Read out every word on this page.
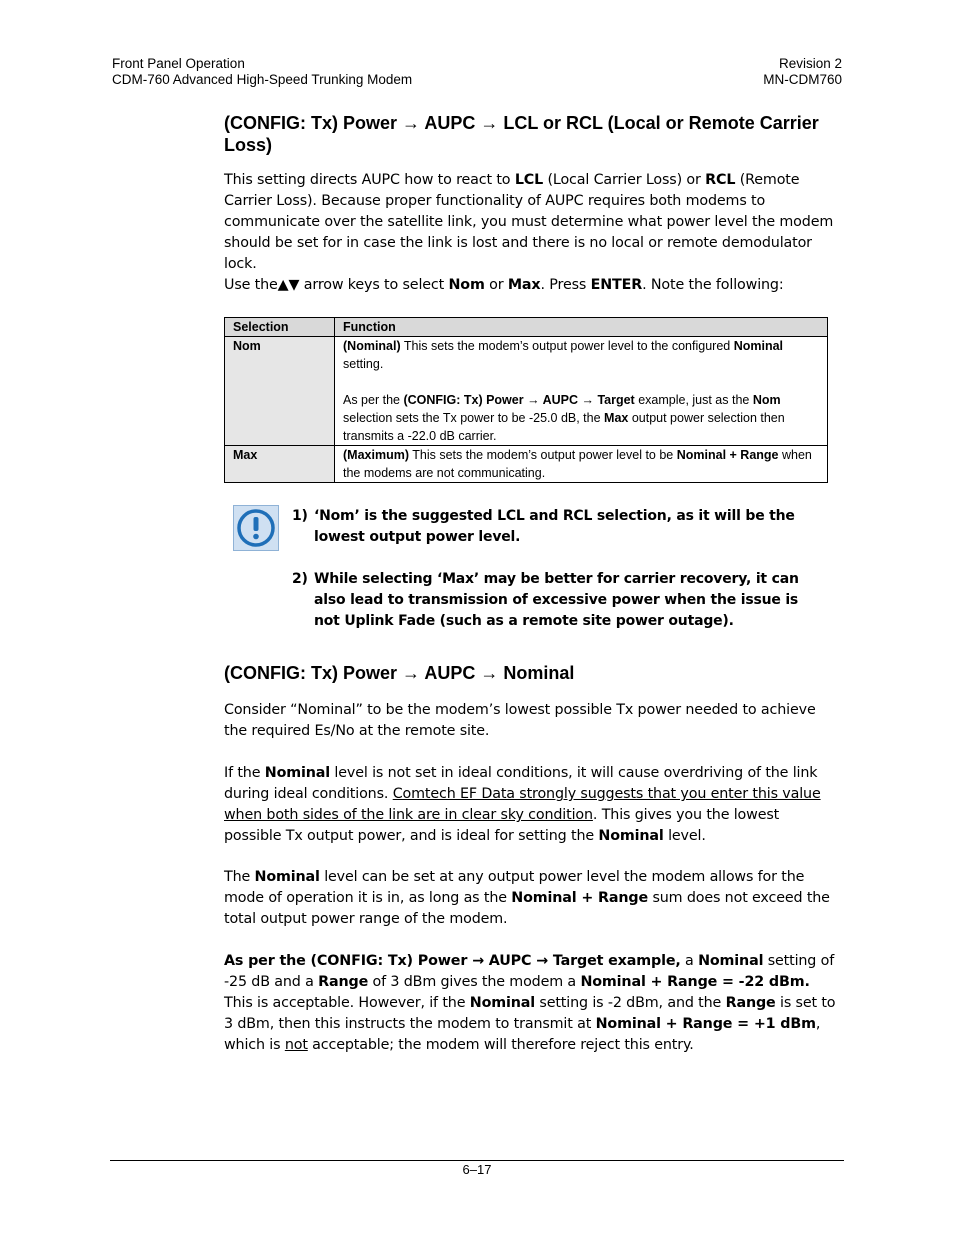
Front Panel Operation
CDM-760 Advanced High-Speed Trunking Modem
Revision 2
MN-CDM760
(CONFIG: Tx) Power → AUPC → LCL or RCL (Local or Remote Carrier Loss)

This setting directs AUPC how to react to LCL (Local Carrier Loss) or RCL (Remote Carrier Loss). Because proper functionality of AUPC requires both modems to communicate over the satellite link, you must determine what power level the modem should be set for in case the link is lost and there is no local or remote demodulator lock.

Use the▲▼ arrow keys to select Nom or Max. Press ENTER. Note the following:

Selection	Function
Nom	(Nominal) This sets the modem’s output power level to the configured Nominal setting.
As per the (CONFIG: Tx) Power → AUPC → Target example, just as the Nom selection sets the Tx power to be -25.0 dB, the Max output power selection then transmits a -22.0 dB carrier.

Max	(Maximum) This sets the modem’s output power level to be Nominal + Range when the modems are not communicating.
1) ‘Nom’ is the suggested LCL and RCL selection, as it will be the lowest output power level.
2) While selecting ‘Max’ may be better for carrier recovery, it can also lead to transmission of excessive power when the issue is not Uplink Fade (such as a remote site power outage).
(CONFIG: Tx) Power → AUPC → Nominal

Consider “Nominal” to be the modem’s lowest possible Tx power needed to achieve the required Es/No at the remote site.

If the Nominal level is not set in ideal conditions, it will cause overdriving of the link during ideal conditions. Comtech EF Data strongly suggests that you enter this value when both sides of the link are in clear sky condition. This gives you the lowest possible Tx output power, and is ideal for setting the Nominal level.

The Nominal level can be set at any output power level the modem allows for the mode of operation it is in, as long as the Nominal + Range sum does not exceed the total output power range of the modem.

As per the (CONFIG: Tx) Power → AUPC → Target example, a Nominal setting of -25 dB and a Range of 3 dBm gives the modem a Nominal + Range = -22 dBm. This is acceptable. However, if the Nominal setting is -2 dBm, and the Range is set to 3 dBm, then this instructs the modem to transmit at Nominal + Range = +1 dBm, which is not acceptable; the modem will therefore reject this entry.

6–17
